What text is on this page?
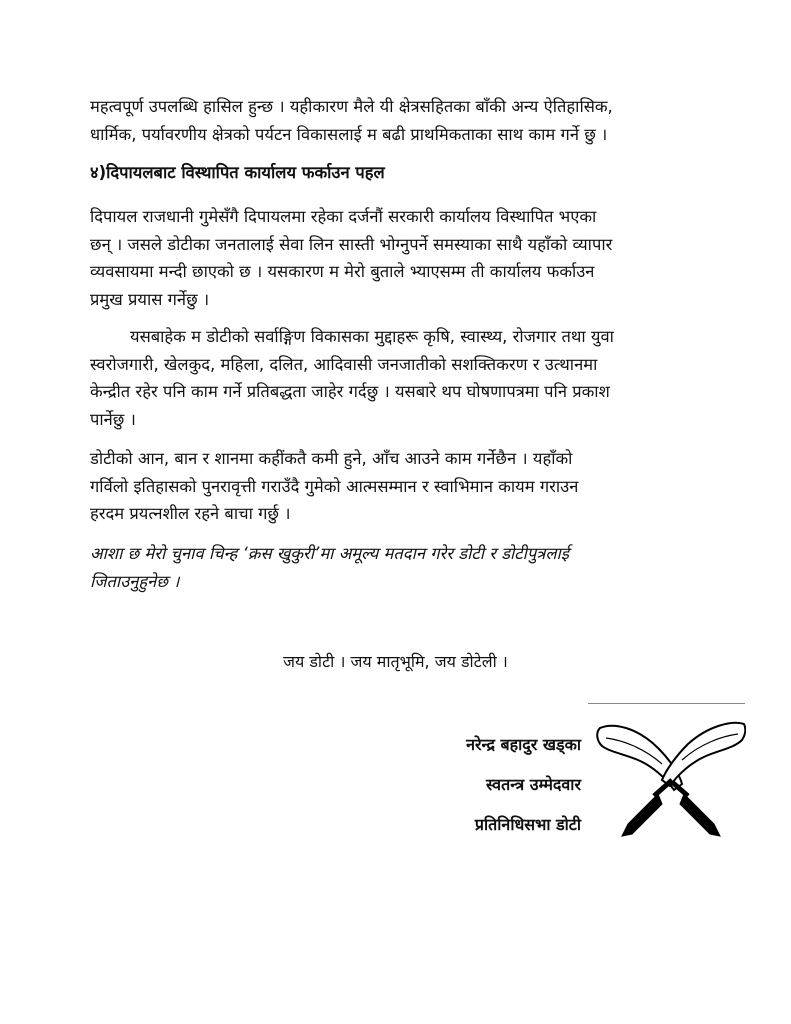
महत्वपूर्ण उपलब्धि हासिल हुन्छ । यहीकारण मैले यी क्षेत्रसहितका बाँकी अन्य ऐतिहासिक,
धार्मिक, पर्यावरणीय क्षेत्रको पर्यटन विकासलाई म बढी प्राथमिकताका साथ काम गर्ने छु ।

४)दिपायलबाट विस्थापित कार्यालय फर्काउन पहल

दिपायल राजधानी गुमेसँगै दिपायलमा रहेका दर्जनौं सरकारी कार्यालय विस्थापित भएका
छन् । जसले डोटीका जनतालाई सेवा लिन सास्ती भोग्नुपर्ने समस्याका साथै यहाँको व्यापार
व्यवसायमा मन्दी छाएको छ । यसकारण म मेरो बुताले भ्याएसम्म ती कार्यालय फर्काउन
प्रमुख प्रयास गर्नेछु ।

यसबाहेक म डोटीको सर्वाङ्गिण विकासका मुद्दाहरू कृषि, स्वास्थ्य, रोजगार तथा युवा
स्वरोजगारी, खेलकुद, महिला, दलित, आदिवासी जनजातीको सशक्तिकरण र उत्थानमा
केन्द्रीत रहेर पनि काम गर्ने प्रतिबद्धता जाहेर गर्दछु । यसबारे थप घोषणापत्रमा पनि प्रकाश
पार्नेछु ।

डोटीको आन, बान र शानमा कहींकतै कमी हुने, आँच आउने काम गर्नेछैन । यहाँको
गर्विलो इतिहासको पुनरावृत्ती गराउँदै गुमेको आत्मसम्मान र स्वाभिमान कायम गराउन
हरदम प्रयत्नशील रहने बाचा गर्छु ।

आशा छ मेरो चुनाव चिन्ह ‘क्रस खुकुरी’मा अमूल्य मतदान गरेर डोटी र डोटीपुत्रलाई
जिताउनुहुनेछ ।

जय डोटी । जय मातृभूमि, जय डोटेली ।
नरेन्द्र बहादुर खड्का
स्वतन्त्र उम्मेदवार
प्रतिनिधिसभा डोटी
